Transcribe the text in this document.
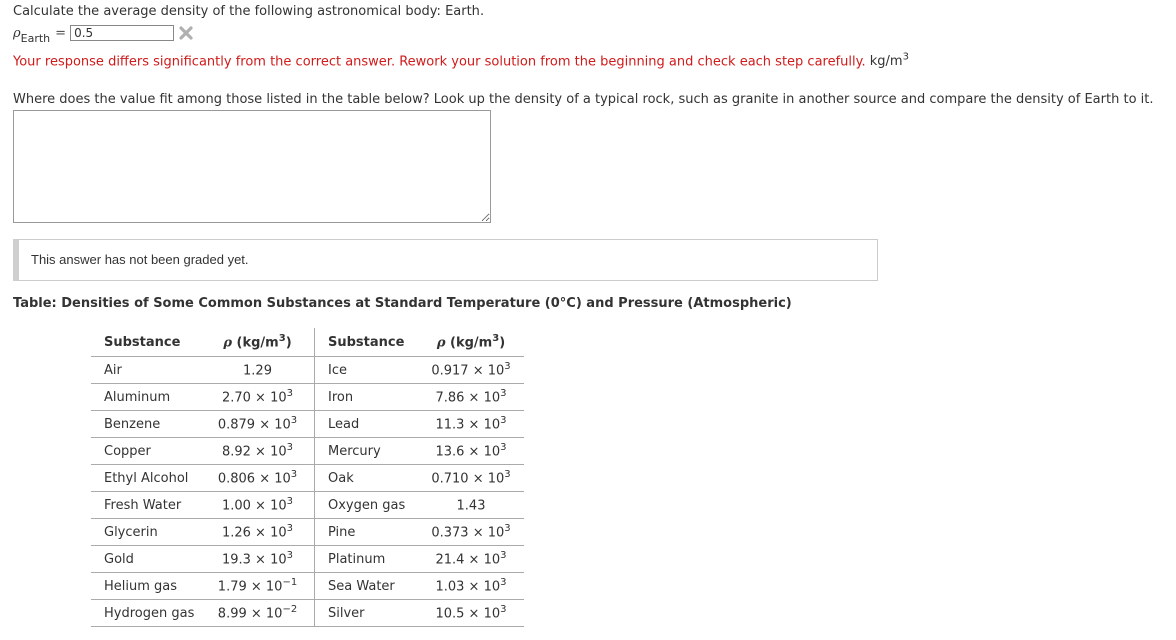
Calculate the average density of the following astronomical body: Earth.
$\rho_{Earth}$ =
0.5
Your response differs significantly from the correct answer. Rework your solution from the beginning and check each step carefully. $kg/m^3$
Where does the value fit among those listed in the table below? Look up the density of a typical rock, such as granite in another source and compare the density of Earth to it.
This answer has not been graded yet.
Table: Densities of Some Common Substances at Standard Temperature (0°C) and Pressure (Atmospheric)
Substance	ρ $(kg/m^3)$	Substance	ρ $(kg/m^3)$
Air	1.29	Ice	$0.917 \times 10^3$
Aluminum	$2.70 \times 10^3$	Iron	$7.86 \times 10^3$
Benzene	$0.879 \times 10^3$	Lead	$11.3 \times 10^3$
Copper	$8.92 \times 10^3$	Mercury	$13.6 \times 10^3$
Ethyl Alcohol	$0.806 \times 10^3$	Oak	$0.710 \times 10^3$
Fresh Water	$1.00 \times 10^3$	Oxygen gas	1.43
Glycerin	$1.26 \times 10^3$	Pine	$0.373 \times 10^3$
Gold	$19.3 \times 10^3$	Platinum	$21.4 \times 10^3$
Helium gas	$1.79 \times 10^{-1}$	Sea Water	$1.03 \times 10^3$
Hydrogen gas	$8.99 \times 10^{-2}$	Silver	$10.5 \times 10^3$
